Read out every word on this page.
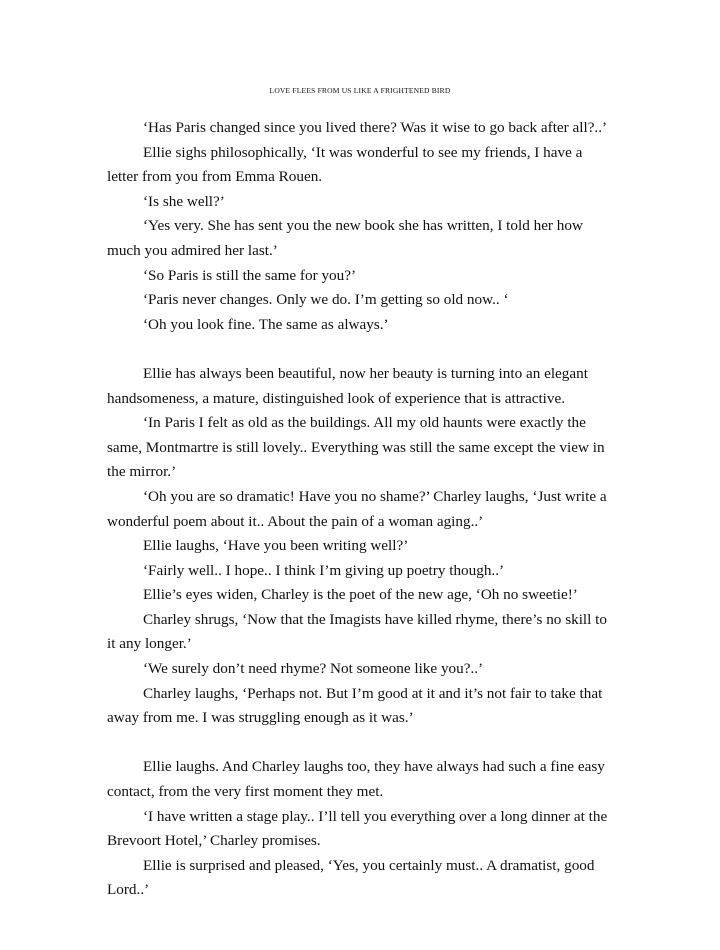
LOVE FLEES FROM US LIKE A FRIGHTENED BIRD

‘Has Paris changed since you lived there? Was it wise to go back after all?..’

Ellie sighs philosophically, ‘It was wonderful to see my friends, I have a letter from you from Emma Rouen.

‘Is she well?’

‘Yes very. She has sent you the new book she has written, I told her how much you admired her last.’

‘So Paris is still the same for you?’

‘Paris never changes. Only we do. I’m getting so old now.. ‘

‘Oh you look fine. The same as always.’

Ellie has always been beautiful, now her beauty is turning into an elegant handsomeness, a mature, distinguished look of experience that is attractive.

‘In Paris I felt as old as the buildings. All my old haunts were exactly the same, Montmartre is still lovely.. Everything was still the same except the view in the mirror.’

‘Oh you are so dramatic! Have you no shame?’ Charley laughs, ‘Just write a wonderful poem about it.. About the pain of a woman aging..’

Ellie laughs, ‘Have you been writing well?’

‘Fairly well.. I hope.. I think I’m giving up poetry though..’

Ellie’s eyes widen, Charley is the poet of the new age, ‘Oh no sweetie!’

Charley shrugs, ‘Now that the Imagists have killed rhyme, there’s no skill to it any longer.’

‘We surely don’t need rhyme? Not someone like you?..’

Charley laughs, ‘Perhaps not. But I’m good at it and it’s not fair to take that away from me. I was struggling enough as it was.’

Ellie laughs. And Charley laughs too, they have always had such a fine easy contact, from the very first moment they met.

‘I have written a stage play.. I’ll tell you everything over a long dinner at the Brevoort Hotel,’ Charley promises.

Ellie is surprised and pleased, ‘Yes, you certainly must.. A dramatist, good Lord..’
